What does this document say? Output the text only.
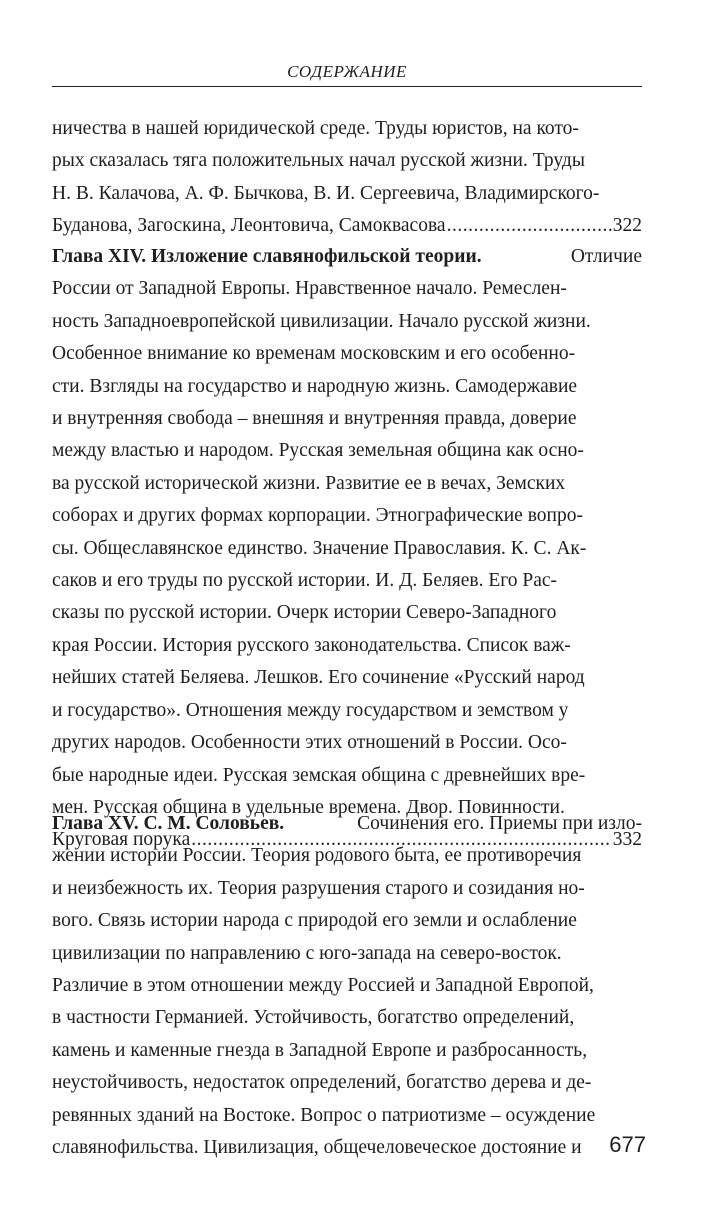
СОДЕРЖАНИЕ
ничества в нашей юридической среде. Труды юристов, на кото-
рых сказалась тяга положительных начал русской жизни. Труды
Н. В. Калачова, А. Ф. Бычкова, В. И. Сергеевича, Владимирского-
Буданова, Загоскина, Леонтовича, Самоквасова .....	322
Глава XIV. Изложение славянофильской теории.	Отличие
России от Западной Европы. Нравственное начало. Ремеслен-
ность Западноевропейской цивилизации. Начало русской жизни.
Особенное внимание ко временам московским и его особенно-
сти. Взгляды на государство и народную жизнь. Самодержавие
и внутренняя свобода – внешняя и внутренняя правда, доверие
между властью и народом. Русская земельная община как осно-
ва русской исторической жизни. Развитие ее в вечах, Земских
соборах и других формах корпорации. Этнографические вопро-
сы. Общеславянское единство. Значение Православия. К. С. Ак-
саков и его труды по русской истории. И. Д. Беляев. Его Рас-
сказы по русской истории. Очерк истории Северо-Западного
края России. История русского законодательства. Список важ-
нейших статей Беляева. Лешков. Его сочинение «Русский народ
и государство». Отношения между государством и земством у
других народов. Особенности этих отношений в России. Осо-
бые народные идеи. Русская земская община с древнейших вре-
мен. Русская община в удельные времена. Двор. Повинности.
Круговая порука .....	332
Глава XV. С. М. Соловьев.	Сочинения его. Приемы при изло-
жении истории России. Теория родового быта, ее противоречия
и неизбежность их. Теория разрушения старого и созидания но-
вого. Связь истории народа с природой его земли и ослабление
цивилизации по направлению с юго-запада на северо-восток.
Различие в этом отношении между Россией и Западной Европой,
в частности Германией. Устойчивость, богатство определений,
камень и каменные гнезда в Западной Европе и разбросанность,
неустойчивость, недостаток определений, богатство дерева и де-
ревянных зданий на Востоке. Вопрос о патриотизме – осуждение
славянофильства. Цивилизация, общечеловеческое достояние и	677
